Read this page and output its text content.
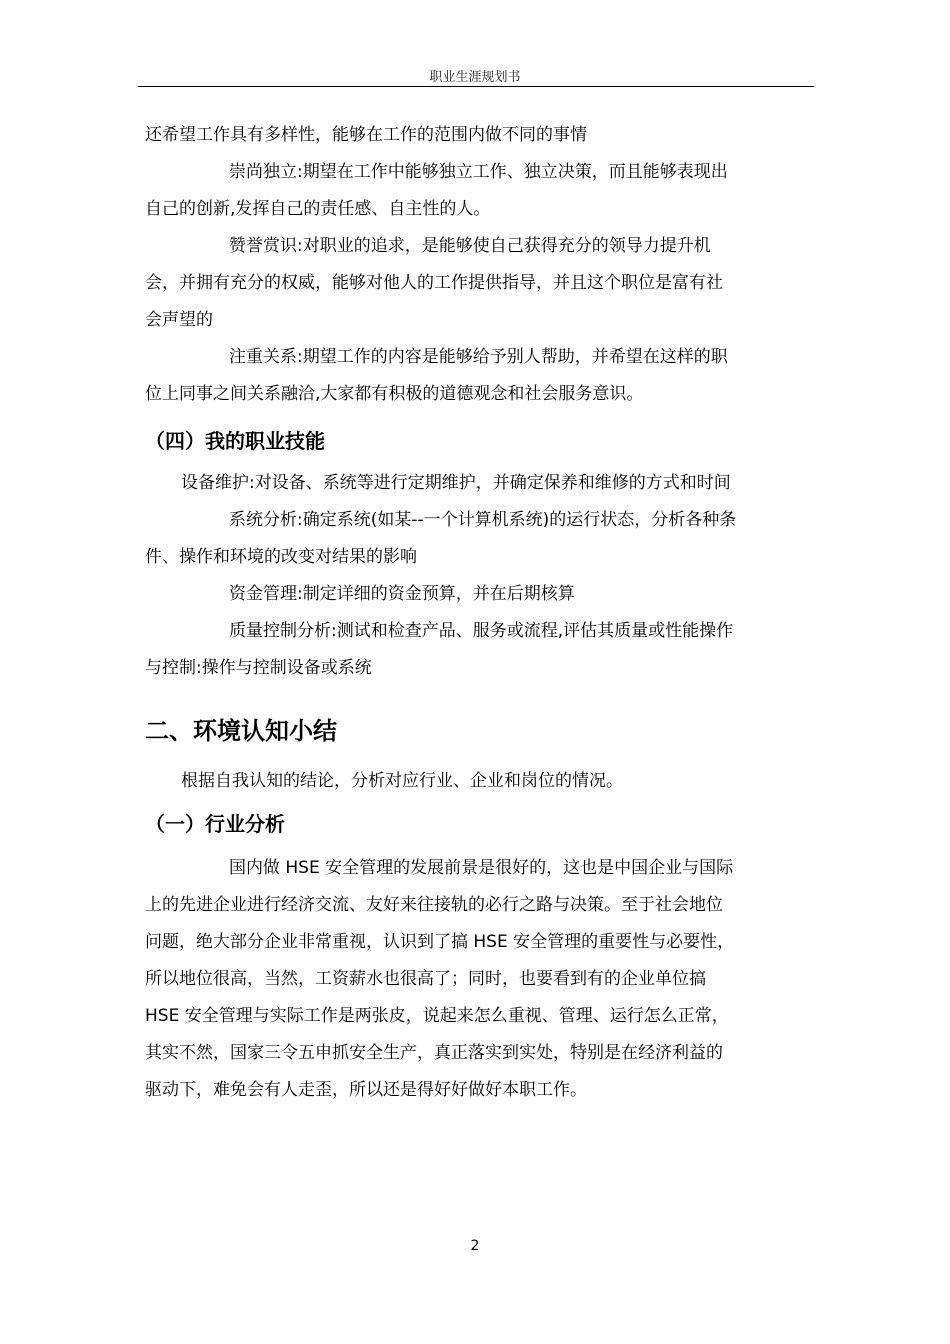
职业生涯规划书
还希望工作具有多样性，能够在工作的范围内做不同的事情
崇尚独立:期望在工作中能够独立工作、独立决策，而且能够表现出
自己的创新,发挥自己的责任感、自主性的人。
赞誉赏识:对职业的追求，是能够使自己获得充分的领导力提升机
会，并拥有充分的权威，能够对他人的工作提供指导，并且这个职位是富有社
会声望的
注重关系:期望工作的内容是能够给予别人帮助，并希望在这样的职
位上同事之间关系融洽,大家都有积极的道德观念和社会服务意识。
（四）我的职业技能
设备维护:对设备、系统等进行定期维护，并确定保养和维修的方式和时间
系统分析:确定系统(如某--一个计算机系统)的运行状态，分析各种条
件、操作和环境的改变对结果的影响
资金管理:制定详细的资金预算，并在后期核算
质量控制分析:测试和检查产品、服务或流程,评估其质量或性能操作
与控制:操作与控制设备或系统
二、环境认知小结
根据自我认知的结论，分析对应行业、企业和岗位的情况。
（一）行业分析
国内做 HSE 安全管理的发展前景是很好的，这也是中国企业与国际
上的先进企业进行经济交流、友好来往接轨的必行之路与决策。至于社会地位
问题，绝大部分企业非常重视，认识到了搞 HSE 安全管理的重要性与必要性，
所以地位很高，当然，工资薪水也很高了；同时，也要看到有的企业单位搞
HSE 安全管理与实际工作是两张皮，说起来怎么重视、管理、运行怎么正常，
其实不然，国家三令五申抓安全生产，真正落实到实处，特别是在经济利益的
驱动下，难免会有人走歪，所以还是得好好做好本职工作。
2
